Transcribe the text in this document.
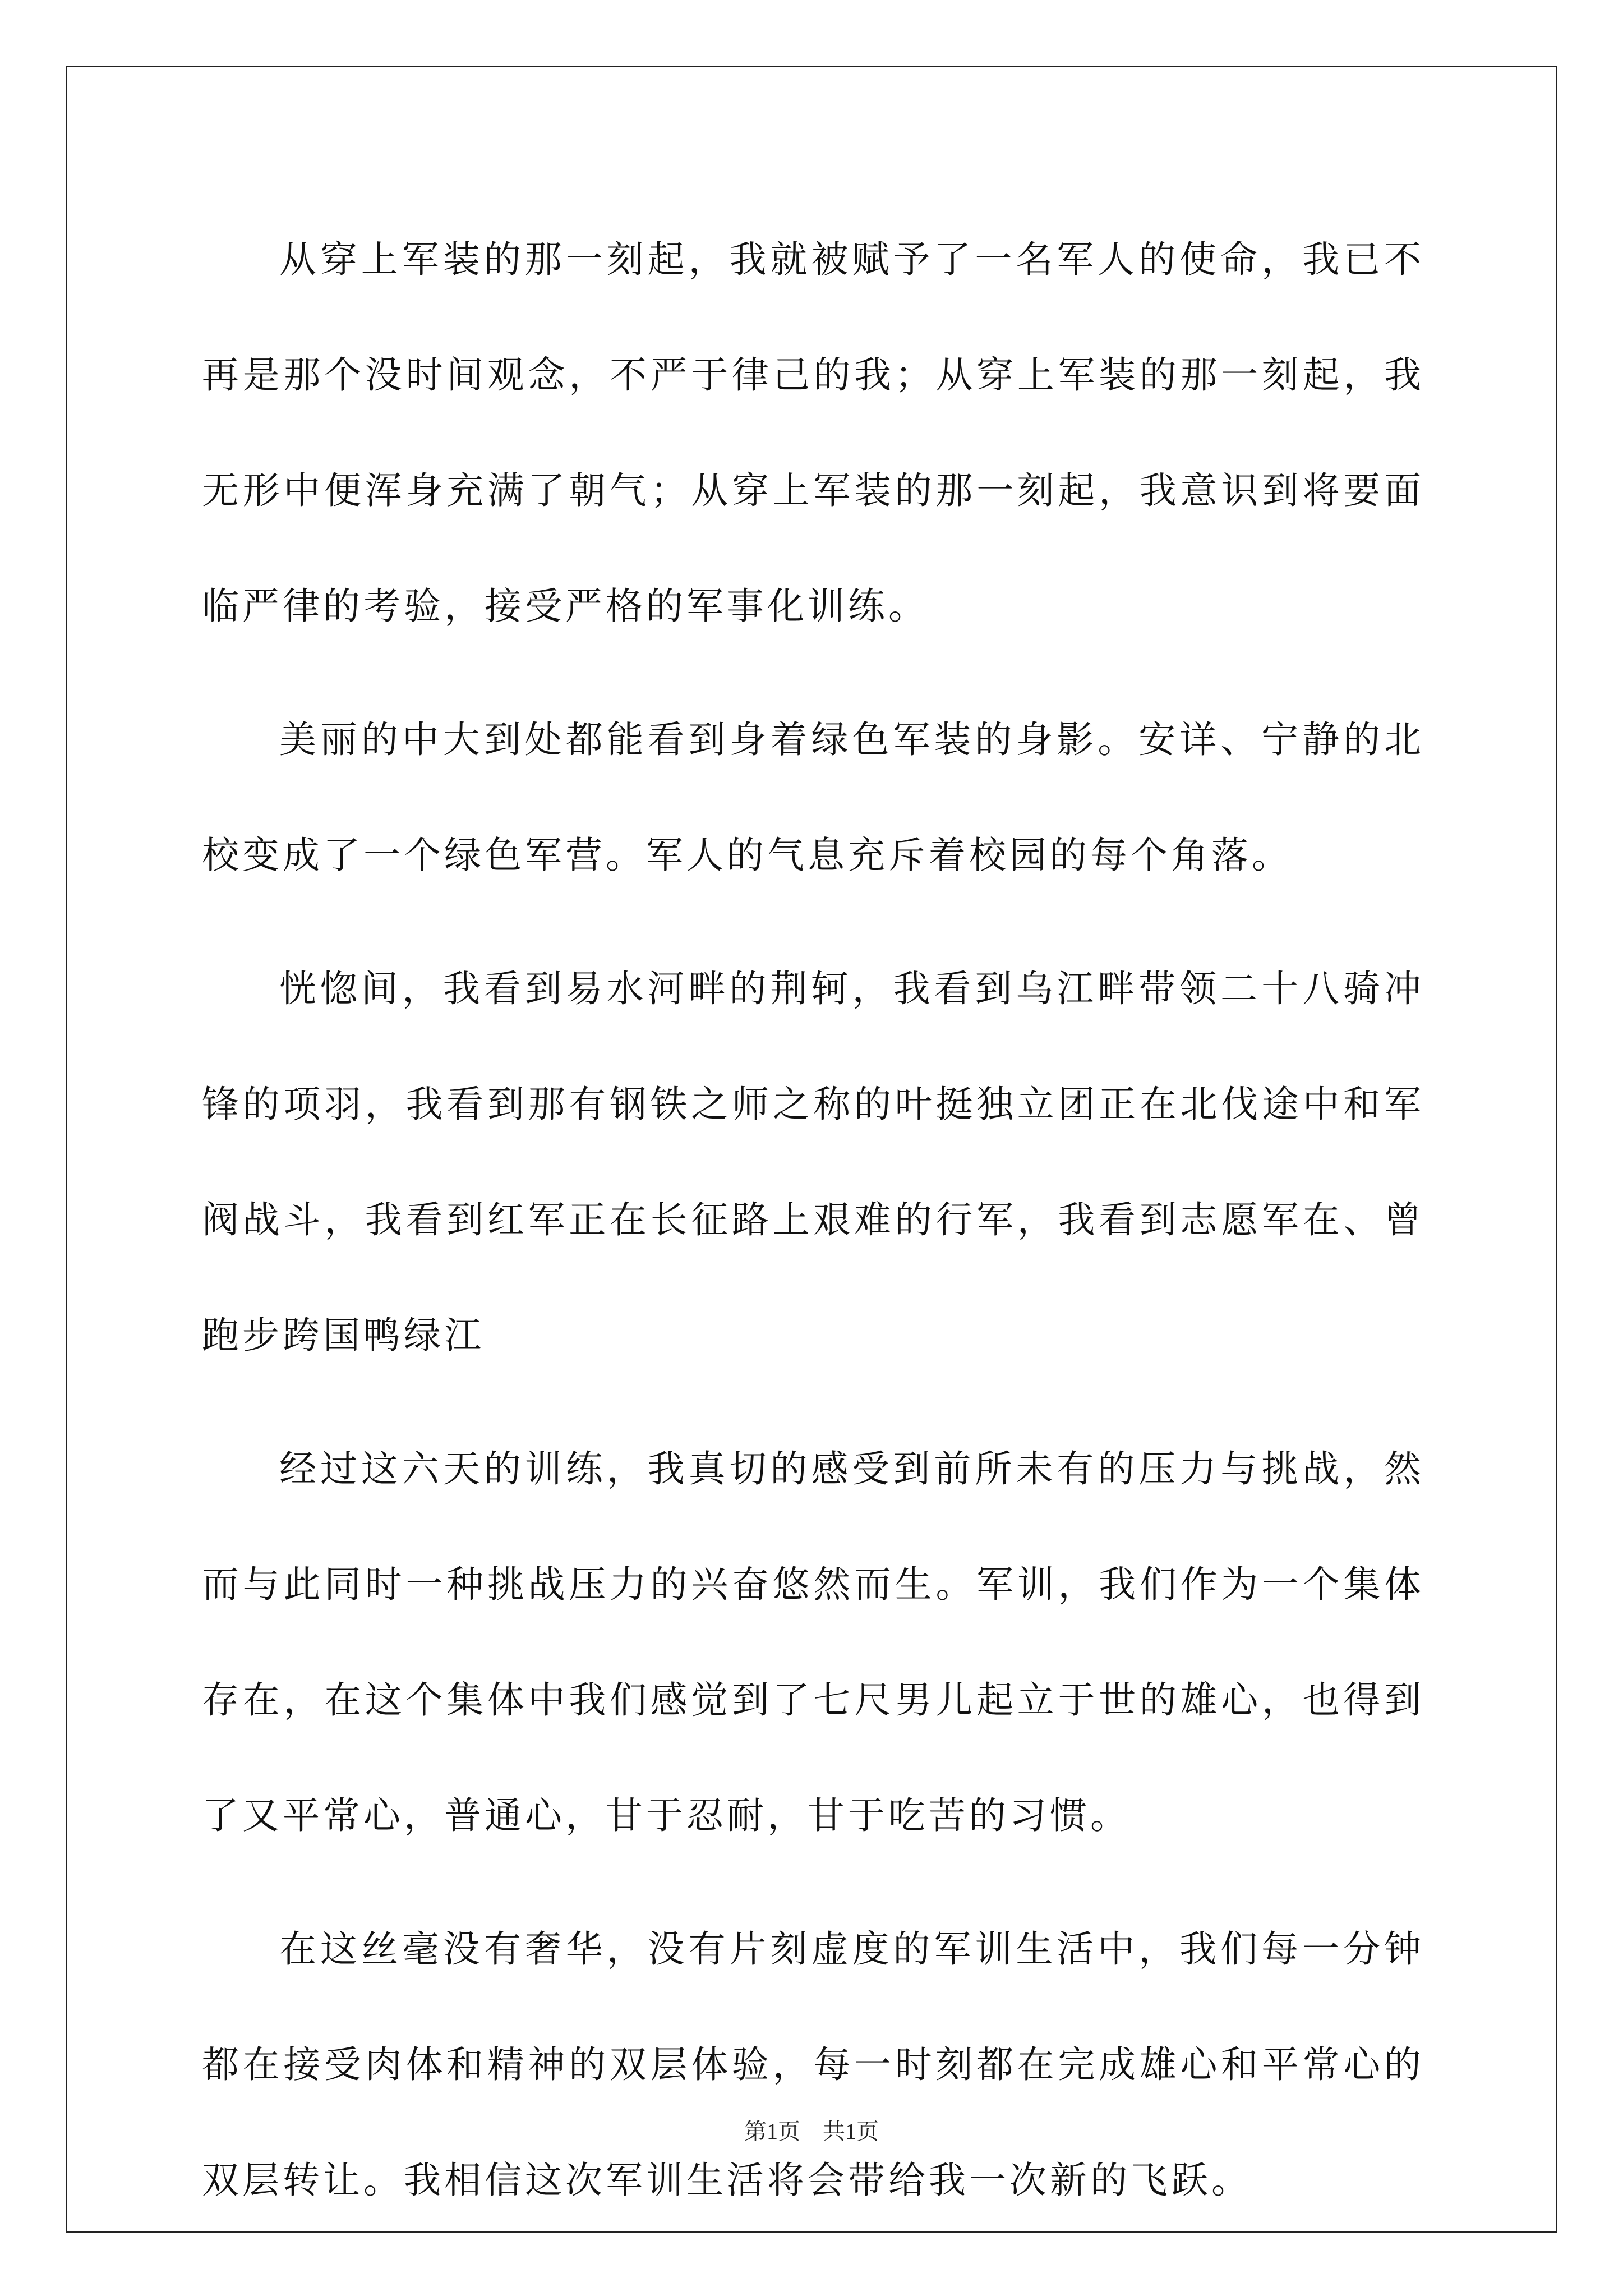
从穿上军装的那一刻起，我就被赋予了一名军人的使命，我已不再是那个没时间观念，不严于律己的我；从穿上军装的那一刻起，我无形中便浑身充满了朝气；从穿上军装的那一刻起，我意识到将要面临严律的考验，接受严格的军事化训练。

美丽的中大到处都能看到身着绿色军装的身影。安详、宁静的北校变成了一个绿色军营。军人的气息充斥着校园的每个角落。

恍惚间，我看到易水河畔的荆轲，我看到乌江畔带领二十八骑冲锋的项羽，我看到那有钢铁之师之称的叶挺独立团正在北伐途中和军阀战斗，我看到红军正在长征路上艰难的行军，我看到志愿军在、曾跑步跨国鸭绿江

经过这六天的训练，我真切的感受到前所未有的压力与挑战，然而与此同时一种挑战压力的兴奋悠然而生。军训，我们作为一个集体存在，在这个集体中我们感觉到了七尺男儿起立于世的雄心，也得到了又平常心，普通心，甘于忍耐，甘于吃苦的习惯。

在这丝毫没有奢华，没有片刻虚度的军训生活中，我们每一分钟都在接受肉体和精神的双层体验，每一时刻都在完成雄心和平常心的双层转让。我相信这次军训生活将会带给我一次新的飞跃。

第1页　共1页
